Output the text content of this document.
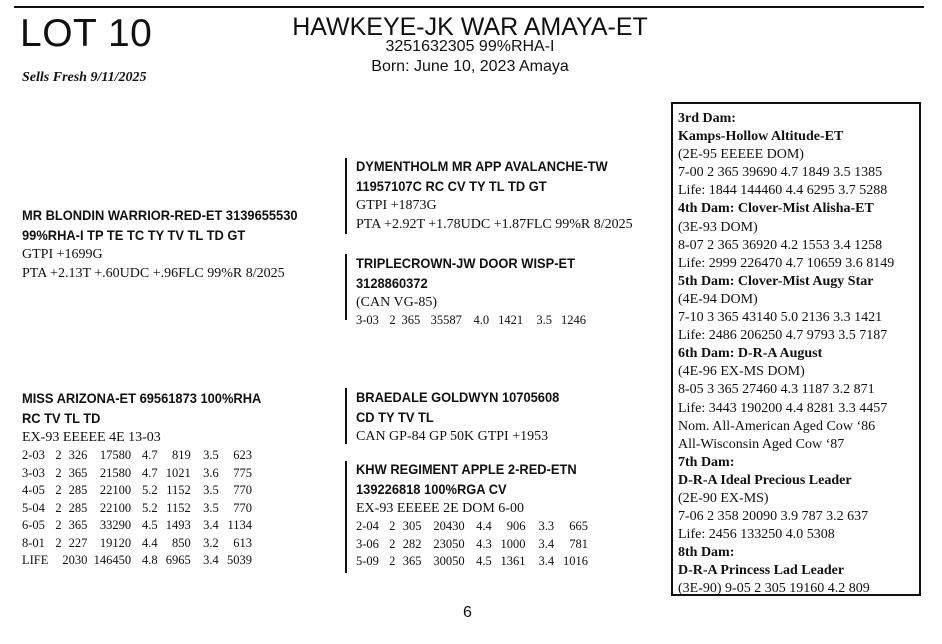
LOT 10
Sells Fresh 9/11/2025
HAWKEYE-JK WAR AMAYA-ET
3251632305 99%RHA-I
Born: June 10, 2023 Amaya
MR BLONDIN WARRIOR-RED-ET 3139655530
99%RHA-I TP TE TC TY TV TL TD GT
GTPI +1699G
PTA +2.13T +.60UDC +.96FLC 99%R 8/2025
DYMENTHOLM MR APP AVALANCHE-TW
11957107C RC CV TY TL TD GT
GTPI +1873G
PTA +2.92T +1.78UDC +1.87FLC 99%R 8/2025
TRIPLECROWN-JW DOOR WISP-ET
3128860372
(CAN VG-85)
3-03	2	365	35587	4.0	1421	3.5	1246
MISS ARIZONA-ET 69561873 100%RHA
RC TV TL TD
EX-93 EEEEE 4E 13-03
2-03	2	326	17580	4.7	819	3.5	623
3-03	2	365	21580	4.7	1021	3.6	775
4-05	2	285	22100	5.2	1152	3.5	770
5-04	2	285	22100	5.2	1152	3.5	770
6-05	2	365	33290	4.5	1493	3.4	1134
8-01	2	227	19120	4.4	850	3.2	613
LIFE	2030		146450	4.8	6965	3.4	5039
BRAEDALE GOLDWYN 10705608
CD TY TV TL
CAN GP-84 GP 50K GTPI +1953
KHW REGIMENT APPLE 2-RED-ETN
139226818 100%RGA CV
EX-93 EEEEE 2E DOM 6-00
2-04	2	305	20430	4.4	906	3.3	665
3-06	2	282	23050	4.3	1000	3.4	781
5-09	2	365	30050	4.5	1361	3.4	1016
3rd Dam:
Kamps-Hollow Altitude-ET
(2E-95 EEEEE DOM)
7-00 2 365 39690 4.7 1849 3.5 1385
Life: 1844 144460 4.4 6295 3.7 5288
4th Dam: Clover-Mist Alisha-ET
(3E-93 DOM)
8-07 2 365 36920 4.2 1553 3.4 1258
Life: 2999 226470 4.7 10659 3.6 8149
5th Dam: Clover-Mist Augy Star
(4E-94 DOM)
7-10 3 365 43140 5.0 2136 3.3 1421
Life: 2486 206250 4.7 9793 3.5 7187
6th Dam: D-R-A August
(4E-96 EX-MS DOM)
8-05 3 365 27460 4.3 1187 3.2 871
Life: 3443 190200 4.4 8281 3.3 4457
Nom. All-American Aged Cow ‘86
All-Wisconsin Aged Cow ‘87
7th Dam:
D-R-A Ideal Precious Leader
(2E-90 EX-MS)
7-06 2 358 20090 3.9 787 3.2 637
Life: 2456 133250 4.0 5308
8th Dam:
D-R-A Princess Lad Leader
(3E-90) 9-05 2 305 19160 4.2 809
6
